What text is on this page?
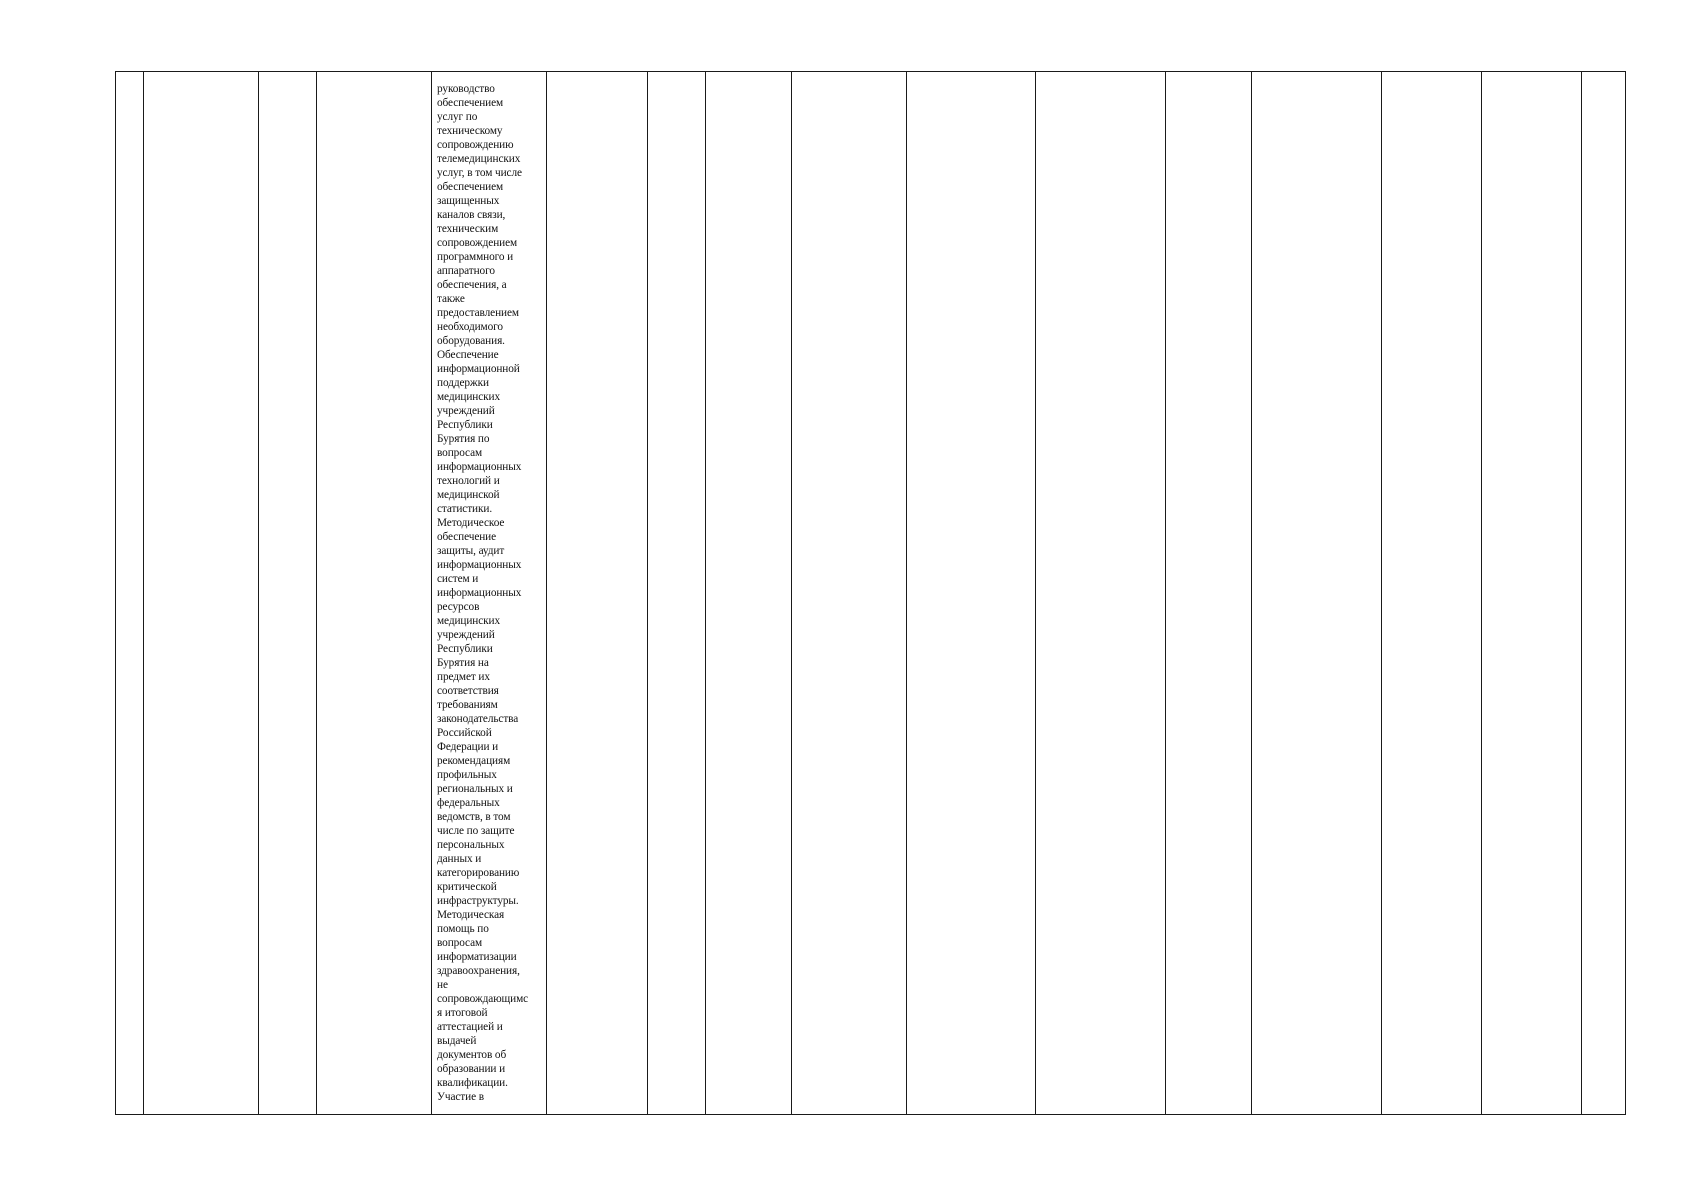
руководство
обеспечением
услуг по
техническому
сопровождению
телемедицинских
услуг, в том числе
обеспечением
защищенных
каналов связи,
техническим
сопровождением
программного и
аппаратного
обеспечения, а
также
предоставлением
необходимого
оборудования.
Обеспечение
информационной
поддержки
медицинских
учреждений
Республики
Бурятия по
вопросам
информационных
технологий и
медицинской
статистики.
Методическое
обеспечение
защиты, аудит
информационных
систем и
информационных
ресурсов
медицинских
учреждений
Республики
Бурятия на
предмет их
соответствия
требованиям
законодательства
Российской
Федерации и
рекомендациям
профильных
региональных и
федеральных
ведомств, в том
числе по защите
персональных
данных и
категорированию
критической
инфраструктуры.
Методическая
помощь по
вопросам
информатизации
здравоохранения,
не
сопровождающимс
я итоговой
аттестацией и
выдачей
документов об
образовании и
квалификации.
Участие в
